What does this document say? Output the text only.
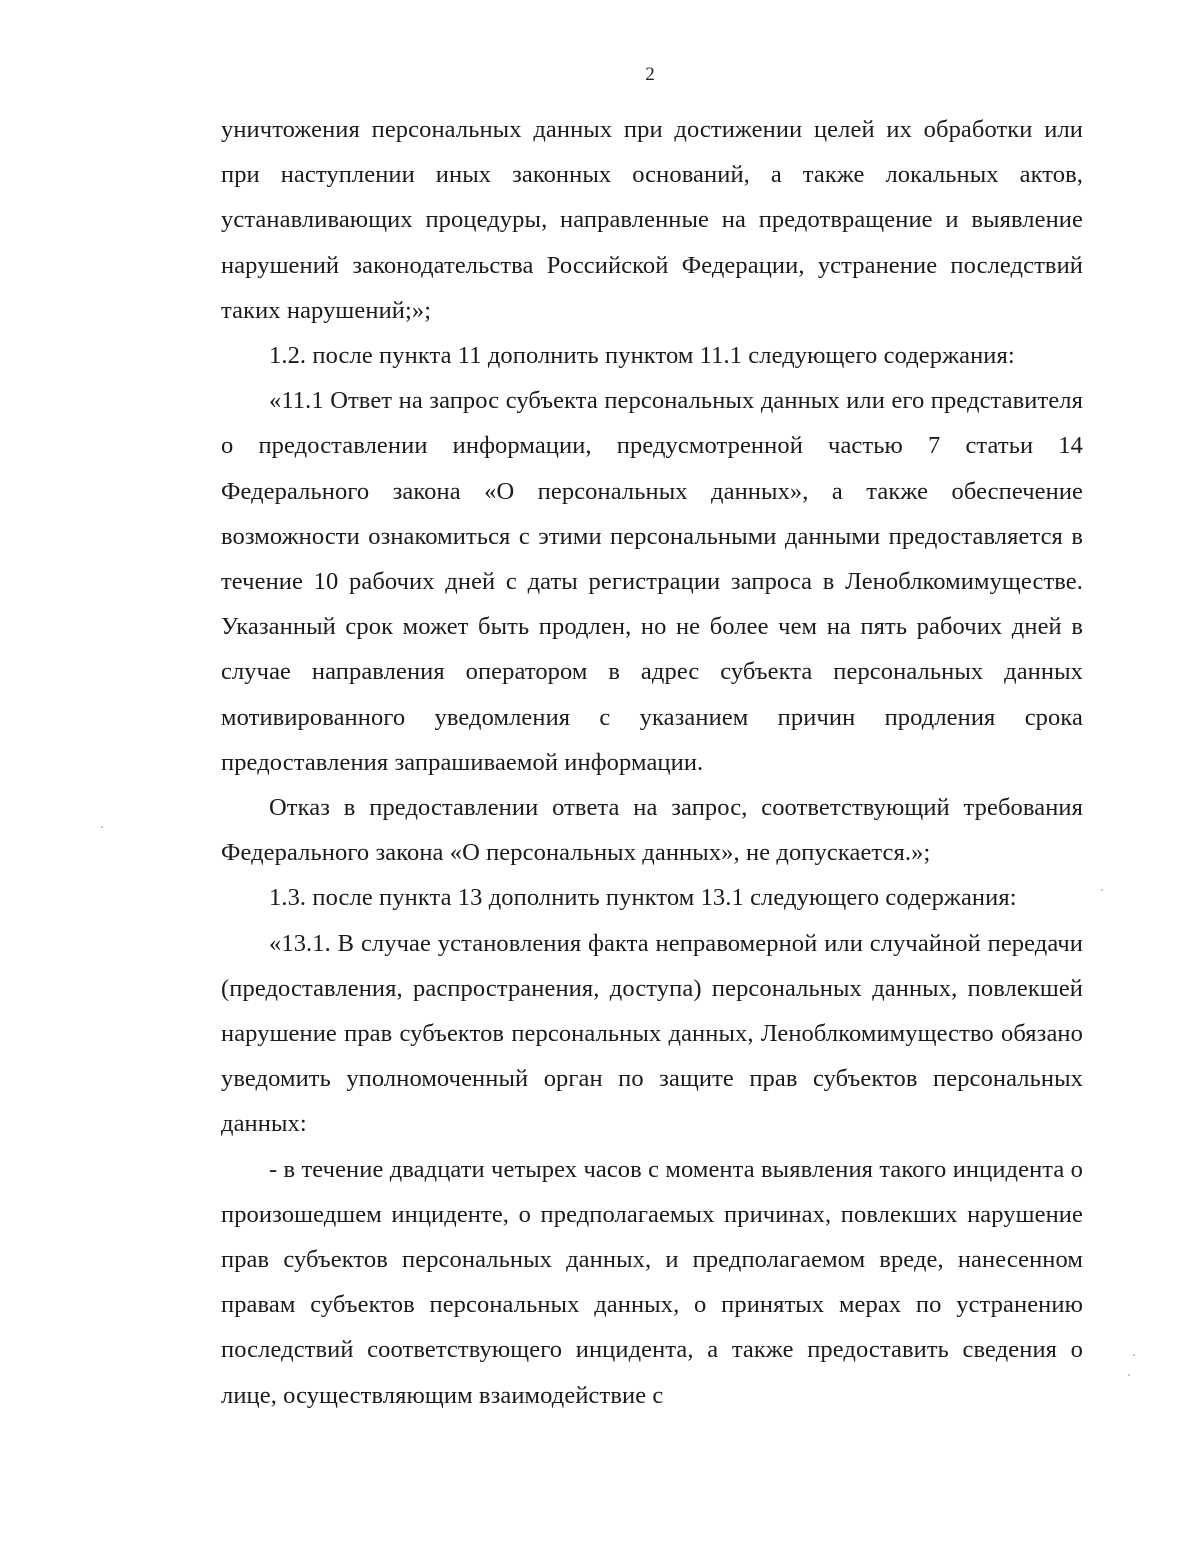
2

уничтожения персональных данных при достижении целей их обработки или при наступлении иных законных оснований, а также локальных актов, устанавливающих процедуры, направленные на предотвращение и выявление нарушений законодательства Российской Федерации, устранение последствий таких нарушений;»;

1.2. после пункта 11 дополнить пунктом 11.1 следующего содержания:

«11.1 Ответ на запрос субъекта персональных данных или его представителя о предоставлении информации, предусмотренной частью 7 статьи 14 Федерального закона «О персональных данных», а также обеспечение возможности ознакомиться с этими персональными данными предоставляется в течение 10 рабочих дней с даты регистрации запроса в Леноблкомимуществе. Указанный срок может быть продлен, но не более чем на пять рабочих дней в случае направления оператором в адрес субъекта персональных данных мотивированного уведомления с указанием причин продления срока предоставления запрашиваемой информации.

Отказ в предоставлении ответа на запрос, соответствующий требования Федерального закона «О персональных данных», не допускается.»;

1.3. после пункта 13 дополнить пунктом 13.1 следующего содержания:

«13.1. В случае установления факта неправомерной или случайной передачи (предоставления, распространения, доступа) персональных данных, повлекшей нарушение прав субъектов персональных данных, Леноблкомимущество обязано уведомить уполномоченный орган по защите прав субъектов персональных данных:

- в течение двадцати четырех часов с момента выявления такого инцидента о произошедшем инциденте, о предполагаемых причинах, повлекших нарушение прав субъектов персональных данных, и предполагаемом вреде, нанесенном правам субъектов персональных данных, о принятых мерах по устранению последствий соответствующего инцидента, а также предоставить сведения о лице, осуществляющим взаимодействие с
